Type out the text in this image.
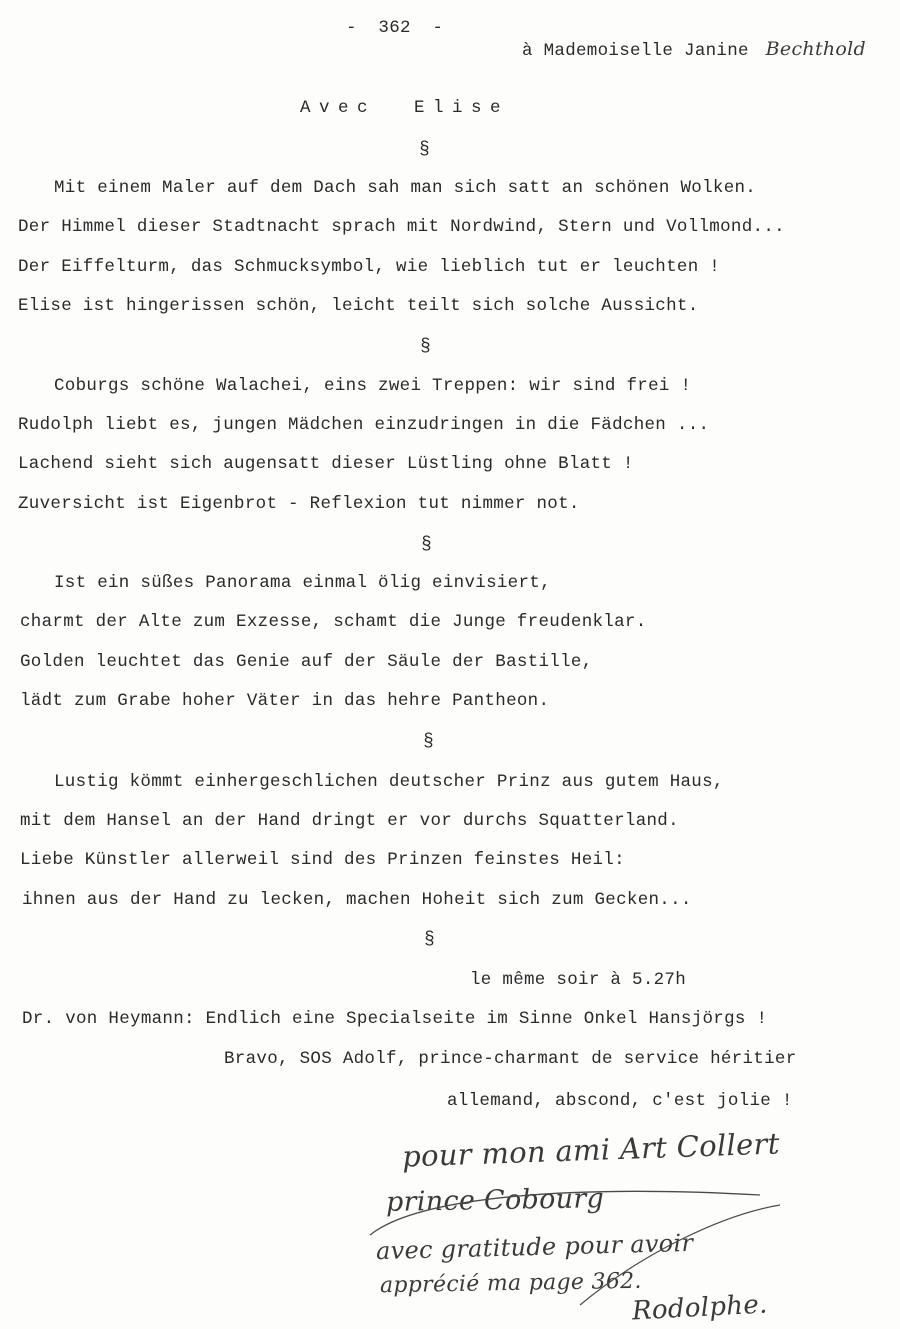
-  362  -
à Mademoiselle Janine Bechthold
Avec  Elise
§
Mit einem Maler auf dem Dach sah man sich satt an schönen Wolken.
Der Himmel dieser Stadtnacht sprach mit Nordwind, Stern und Vollmond...
Der Eiffelturm, das Schmucksymbol, wie lieblich tut er leuchten !
Elise ist hingerissen schön, leicht teilt sich solche Aussicht.
§
Coburgs schöne Walachei, eins zwei Treppen: wir sind frei !
Rudolph liebt es, jungen Mädchen einzudringen in die Fädchen ...
Lachend sieht sich augensatt dieser Lüstling ohne Blatt !
Zuversicht ist Eigenbrot - Reflexion tut nimmer not.
§
Ist ein süßes Panorama einmal ölig einvisiert,
charmt der Alte zum Exzesse, schamt die Junge freudenklar.
Golden leuchtet das Genie auf der Säule der Bastille,
lädt zum Grabe hoher Väter in das hehre Pantheon.
§
Lustig kömmt einhergeschlichen deutscher Prinz aus gutem Haus,
mit dem Hansel an der Hand dringt er vor durchs Squatterland.
Liebe Künstler allerweil sind des Prinzen feinstes Heil:
ihnen aus der Hand zu lecken, machen Hoheit sich zum Gecken...
§
le même soir à 5.27h
Dr. von Heymann: Endlich eine Specialseite im Sinne Onkel Hansjörgs !
Bravo, SOS Adolf, prince-charmant de service héritier
allemand, abscond, c'est jolie !
pour mon ami Art Collert
prince Cobourg
avec gratitude pour avoir
apprécié ma page 362.
Rodolphe.
